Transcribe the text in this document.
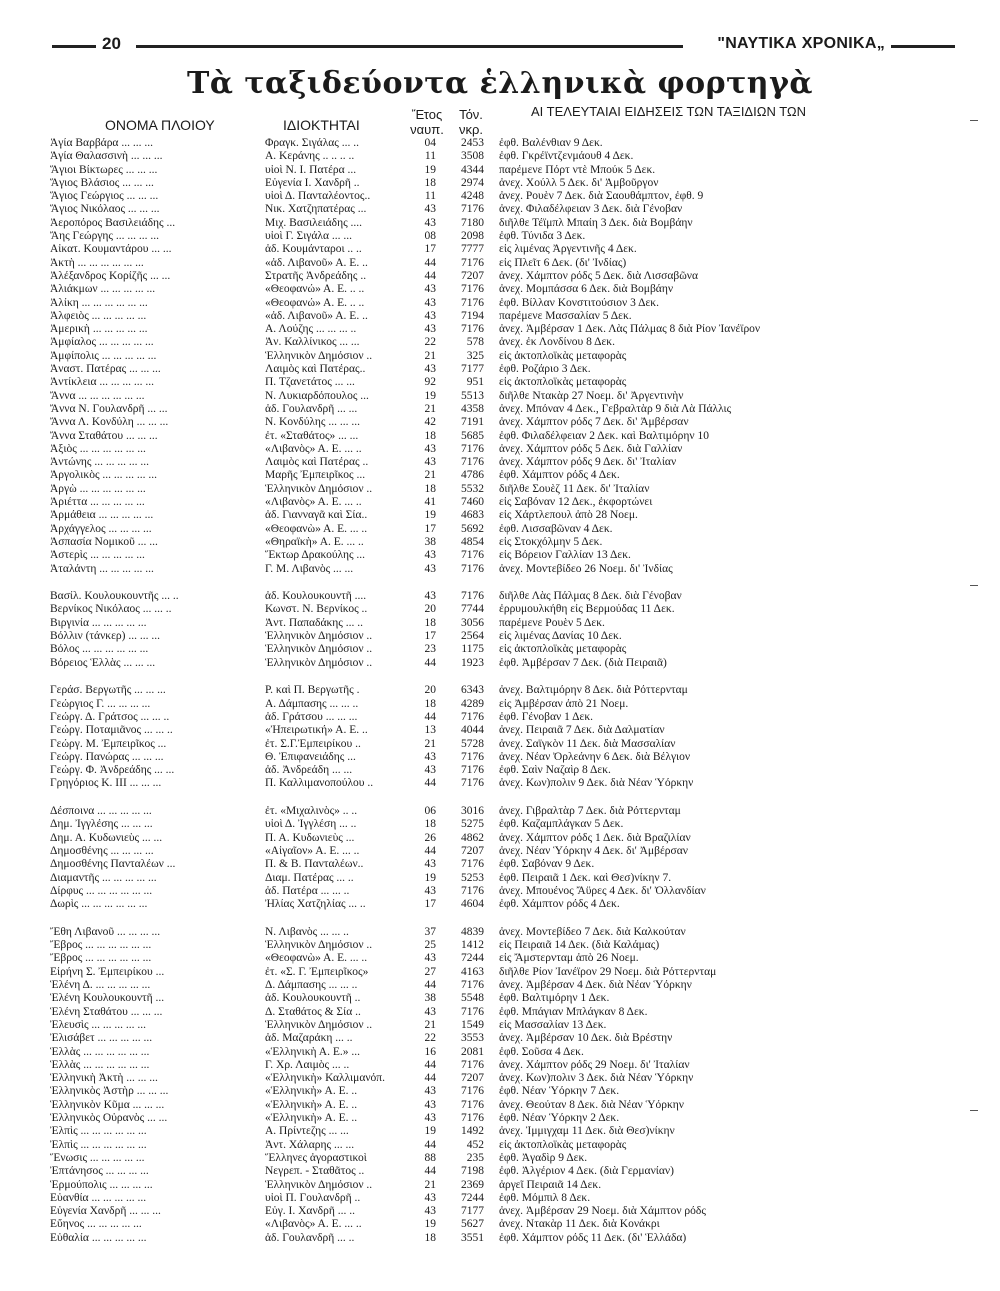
20	"ΝΑΥΤΙΚΑ ΧΡΟΝΙΚΑ„
Τὰ ταξιδεύοντα ἑλληνικὰ φορτηγὰ
ΟΝΟΜΑ ΠΛΟΙΟΥ	ΙΔΙΟΚΤΗΤΑΙ
Ἔτος
ναυπ.
Τόν.
νκρ.
ΑΙ ΤΕΛΕΥΤΑΙΑΙ ΕΙΔΗΣΕΙΣ ΤΩΝ ΤΑΞΙΔΙΩΝ ΤΩΝ
Ἁγία Βαρβάρα ... ... ...	Φραγκ. Σιγάλας ... ..	04	2453 ἐφθ. Βαλένθιαν 9 Δεκ.
Ἁγία Θαλασσινὴ ... ... ...	Α. Κεράνης .. .. .. ..	11	3508 ἐφθ. Γκρέϊντζενμάουθ 4 Δεκ.
Ἅγιοι Βίκτωρες ... ... ...	υἱοὶ Ν. Ι. Πατέρα ...	19	4344 παρέμενε Πόρτ ντὲ Μπούκ 5 Δεκ.
Ἅγιος Βλάσιος ... ... ...	Εὐγενία Ι. Χανδρῆ ..	18	2974 ἀνεχ. Χούλλ 5 Δεκ. δι' Ἀμβοῦργον
Ἅγιος Γεώργιος ... ... ...	υἱοὶ Δ. Πανταλέοντος..	11	4248 ἀνεχ. Ρουὲν 7 Δεκ. διὰ Σαουθάμπτον, ἐφθ. 9
Ἅγιος Νικόλαος ... ... ...	Νικ. Χατζηπατέρας ...	43	7176 ἀνεχ. Φιλαδέλφειαν 3 Δεκ. διὰ Γένοβαν
Ἀεροπόρος Βασιλειάδης ...	Μιχ. Βασιλειάδης ....	43	7180 διῆλθε Τέϊμπλ Μπαίη 3 Δεκ. διὰ Βομβάην
Ἄης Γεώργης ... ... ... ...	υἱοὶ Γ. Σιγάλα ... ...	08	2098 ἐφθ. Τύνιδα 3 Δεκ.
Αἰκατ. Κουμαντάρου ... ...	ἀδ. Κουμάνταροι .. ..	17	7777 εἰς λιμένας Ἀργεντινῆς 4 Δεκ.
Ἀκτὴ ... ... ... ... ... ...	«ἀδ. Λιβανοῦ» Α. Ε. ..	44	7176 εἰς Πλεῖτ 6 Δεκ. (δι' Ἰνδίας)
Ἀλέξανδρος Κορίζῆς ... ...	Στρατῆς Ἀνδρεάδης ..	44	7207 ἀνεχ. Χάμπτον ρόδς 5 Δεκ. διὰ Λισσαβῶνα
Ἀλιάκμων ... ... ... ... ...	«Θεοφανώ» Α. Ε. .. ..	43	7176 ἀνεχ. Μομπάσσα 6 Δεκ. διὰ Βομβάην
Ἀλίκη ... ... ... ... ... ...	«Θεοφανώ» Α. Ε. .. ..	43	7176 ἐφθ. Βίλλαν Κονστιτούσιον 3 Δεκ.
Ἀλφειὸς ... ... ... ... ...	«ἀδ. Λιβανοῦ» Α. Ε. ..	43	7194 παρέμενε Μασσαλίαν 5 Δεκ.
Ἀμερικὴ ... ... ... ... ...	Α. Λούζης ... ... ... ..	43	7176 ἀνεχ. Ἀμβέρσαν 1 Δεκ. Λὰς Πάλμας 8 διὰ Ρίον Ἰανέϊρον
Ἀμφίαλος ... ... ... ... ...	Ἀν. Καλλίνικος ... ...	22	578 ἀνεχ. ἐκ Λονδίνου 8 Δεκ.
Ἀμφίπολις ... ... ... ... ...	Ἑλληνικὸν Δημόσιον ..	21	325 εἰς ἀκτοπλοϊκὰς μεταφορὰς
Ἀναστ. Πατέρας ... ... ...	Λαιμὸς καὶ Πατέρας..	43	7177 ἐφθ. Ροζάριο 3 Δεκ.
Ἀντίκλεια ... ... ... ... ...	Π. Τζανετάτος ... ...	92	951 εἰς ἀκτοπλοϊκὰς μεταφορὰς
Ἄννα ... ... ... ... ... ...	Ν. Λυκιαρδόπουλος ...	19	5513 διῆλθε Ντακὰρ 27 Νοεμ. δι' Ἀργεντινὴν
Ἄννα Ν. Γουλανδρῆ ... ...	ἀδ. Γουλανδρῆ ... ...	21	4358 ἀνεχ. Μπόναν 4 Δεκ., Γεβραλτὰρ 9 διὰ Λὰ Πάλλις
Ἄννα Λ. Κονδύλη ... ... ...	Ν. Κονδύλης ... ... ...	42	7191 ἀνεχ. Χάμπτον ρόδς 7 Δεκ. δι' Ἀμβέρσαν
Ἄννα Σταθάτου ... ... ...	ἐτ. «Σταθάτος» ... ...	18	5685 ἐφθ. Φιλαδέλφειαν 2 Δεκ. καὶ Βαλτιμόρην 10
Ἀξιὸς ... ... ... ... ... ...	«Λιβανὸς» Α. Ε. ... ..	43	7176 ἀνεχ. Χάμπτον ρόδς 5 Δεκ. διὰ Γαλλίαν
Ἀντώνης ... ... ... ... ...	Λαιμὸς καὶ Πατέρας ..	43	7176 ἀνεχ. Χάμπτον ρόδς 9 Δεκ. δι' Ἰταλίαν
Ἀργολικὸς ... ... ... ... ...	Μαρῆς Ἐμπειρῖκος ...	21	4786 ἐφθ. Χάμπτον ρόδς 4 Δεκ.
Ἀργὼ ... ... ... ... ... ...	Ἑλληνικὸν Δημόσιον ..	18	5532 διῆλθε Σουὲζ 11 Δεκ. δι' Ἰταλίαν
Ἀριέττα ... ... ... ... ...	«Λιβανὸς» Α. Ε. ... ..	41	7460 εἰς Σαβόναν 12 Δεκ., ἐκφορτώνει
Ἀρμάθεια ... ... ... ... ...	ἀδ. Γιανναγᾶ καὶ Σία..	19	4683 εἰς Χάρτλεπουλ ἀπὸ 28 Νοεμ.
Ἀρχάγγελος ... ... ... ...	«Θεοφανὼ» Α. Ε. ... ..	17	5692 ἐφθ. Λισσαβῶναν 4 Δεκ.
Ἀσπασία Νομικοῦ ... ...	«Θηραϊκὴ» Α. Ε. ... ..	38	4854 εἰς Στοκχόλμην 5 Δεκ.
Ἀστερὶς ... ... ... ... ...	Ἕκτωρ Δρακούλης ...	43	7176 εἰς Βόρειον Γαλλίαν 13 Δεκ.
Ἀταλάντη ... ... ... ... ...	Γ. Μ. Λιβανὸς ... ...	43	7176 ἀνεχ. Μοντεβίδεο 26 Νοεμ. δι' Ἰνδίας
Βασίλ. Κουλουκουντῆς ... ..	ἀδ. Κουλουκουντῆ ....	43	7176 διῆλθε Λὰς Πάλμας 8 Δεκ. διὰ Γένοβαν
Βερνίκος Νικόλαος ... ... ..	Κωνστ. Ν. Βερνίκος ..	20	7744 ἐρρυμουλκήθη εἰς Βερμούδας 11 Δεκ.
Βιργινία ... ... ... ... ...	Ἀντ. Παπαδάκης ... ..	18	3056 παρέμενε Ρουὲν 5 Δεκ.
Βόλλιν (τάνκερ) ... ... ...	Ἑλληνικὸν Δημόσιον ..	17	2564 εἰς λιμένας Δανίας 10 Δεκ.
Βόλος ... ... ... ... ... ...	Ἑλληνικὸν Δημόσιον ..	23	1175 εἰς ἀκτοπλοϊκὰς μεταφορὰς
Βόρειος Ἑλλὰς ... ... ...	Ἑλληνικὸν Δημόσιον ..	44	1923 ἐφθ. Ἀμβέρσαν 7 Δεκ. (διὰ Πειραιᾶ)
Γεράσ. Βεργωτῆς ... ... ...	Ρ. καὶ Π. Βεργωτῆς .	20	6343 ἀνεχ. Βαλτιμόρην 8 Δεκ. διὰ Ρόττερνταμ
Γεώργιος Γ. ... ... ... ...	Α. Δάμπασης ... ... ..	18	4289 εἰς Ἀμβέρσαν ἀπὸ 21 Νοεμ.
Γεώργ. Δ. Γράτσος ... ... ..	ἀδ. Γράτσου ... ... ...	44	7176 ἐφθ. Γένοβαν 1 Δεκ.
Γεώργ. Ποταμιᾶνος ... ... ..	«Ἠπειρωτική» Α. Ε. ..	13	4044 ἀνεχ. Πειραιᾶ 7 Δεκ. διὰ Δαλματίαν
Γεώργ. Μ. Ἐμπειρῖκος ...	ἐτ. Σ.Γ.Ἐμπειρίκου ..	21	5728 ἀνεχ. Σαϊγκὸν 11 Δεκ. διὰ Μασσαλίαν
Γεώργ. Πανώρας ... ... ...	Θ. Ἐπιφανειάδης ...	43	7176 ἀνεχ. Νέαν Ὀρλεάνην 6 Δεκ. διὰ Βέλγιον
Γεώργ. Φ. Ἀνδρεάδης ... ...	ἀδ. Ἀνδρεάδη ... ...	43	7176 ἐφθ. Σαὶν Ναζαὶρ 8 Δεκ.
Γρηγόριος Κ. ΙΙΙ ... ... ...	Π. Καλλιμανοπούλου ..	44	7176 ἀνεχ. Κων)πολιν 9 Δεκ. διὰ Νέαν Ὑόρκην
Δέσποινα ... ... ... ... ...	ἐτ. «Μιχαλινὸς» .. ..	06	3016 ἀνεχ. Γιβραλτὰρ 7 Δεκ. διὰ Ρόττερνταμ
Δημ. Ἰγγλέσης ... ... ...	υἱοὶ Δ. Ἰγγλέση ... ..	18	5275 ἐφθ. Καζαμπλάγκαν 5 Δεκ.
Δημ. Α. Κυδωνιεὺς ... ...	Π. Α. Κυδωνιεὺς ...	26	4862 ἀνεχ. Χάμπτον ρόδς 1 Δεκ. διὰ Βραζιλίαν
Δημοσθένης ... ... ... ...	«Αἰγαῖον» Α. Ε. ... ..	44	7207 ἀνεχ. Νέαν Ὑόρκην 4 Δεκ. δι' Ἀμβέρσαν
Δημοσθένης Πανταλέων ...	Π. & Β. Πανταλέων..	43	7176 ἐφθ. Σαβόναν 9 Δεκ.
Διαμαντῆς ... ... ... ... ...	Διαμ. Πατέρας ... ..	19	5253 ἐφθ. Πειραιᾶ 1 Δεκ. καὶ Θεσ)νίκην 7.
Δίρφυς ... ... ... ... ... ...	ἀδ. Πατέρα ... ... ..	43	7176 ἀνεχ. Μπουένος Ἄϋρες 4 Δεκ. δι' Ὀλλανδίαν
Δωρὶς ... ... ... ... ... ...	Ἠλίας Χατζηλίας ... ..	17	4604 ἐφθ. Χάμπτον ρόδς 4 Δεκ.
Ἔθη Λιβανοῦ ... ... ... ...	Ν. Λιβανὸς ... ... ..	37	4839 ἀνεχ. Μοντεβίδεο 7 Δεκ. διὰ Καλκούταν
Ἔβρος ... ... ... ... ... ...	Ἑλληνικὸν Δημόσιον ..	25	1412 εἰς Πειραιᾶ 14 Δεκ. (διὰ Καλάμας)
Ἔβρος ... ... ... ... ... ...	«Θεοφανὼ» Α. Ε. ... ..	43	7244 εἰς Ἄμστερνταμ ἀπὸ 26 Νοεμ.
Εἰρήνη Σ. Ἐμπειρίκου ...	ἐτ. «Σ. Γ. Ἐμπειρῖκος»	27	4163 διῆλθε Ρίον Ἰανέϊρον 29 Νοεμ. διὰ Ρόττερνταμ
Ἑλένη Δ. ... ... ... ... ...	Δ. Δάμπασης ... ... ..	44	7176 ἀνεχ. Ἀμβέρσαν 4 Δεκ. διὰ Νέαν Ὑόρκην
Ἑλένη Κουλουκουντῆ ...	ἀδ. Κουλουκουντῆ ..	38	5548 ἐφθ. Βαλτιμόρην 1 Δεκ.
Ἑλένη Σταθάτου ... ... ...	Δ. Σταθάτος & Σία ..	43	7176 ἐφθ. Μπάγιαν Μπλάγκαν 8 Δεκ.
Ἐλευσὶς ... ... ... ... ...	Ἑλληνικὸν Δημόσιον ..	21	1549 εἰς Μασσαλίαν 13 Δεκ.
Ἐλισάβετ ... ... ... ... ...	ἀδ. Μαζαράκη ... ..	22	3553 ἀνεχ. Ἀμβέρσαν 10 Δεκ. διὰ Βρέστην
Ἑλλὰς ... ... ... ... ... ...	«Ἑλληνικὴ Α. Ε.» ...	16	2081 ἐφθ. Σοῦσα 4 Δεκ.
Ἑλλὰς ... ... ... ... ... ...	Γ. Χρ. Λαιμὸς ... ..	44	7176 ἀνεχ. Χάμπτον ρόδς 29 Νοεμ. δι' Ἰταλίαν
Ἑλληνικὴ Ἀκτὴ ... ... ...	«Ἑλληνικὴ» Καλλιμανόπ.	44	7207 ἀνεχ. Κων)πολιν 3 Δεκ. διὰ Νέαν Ὑόρκην
Ἑλληνικὸς Ἀστὴρ ... ... ...	«Ἑλληνικὴ» Α. Ε. ..	43	7176 ἐφθ. Νέαν Ὑόρκην 7 Δεκ.
Ἑλληνικὸν Κῦμα ... ... ...	«Ἑλληνικὴ» Α. Ε. ..	43	7176 ἀνεχ. Θεούταν 8 Δεκ. διὰ Νέαν Ὑόρκην
Ἑλληνικὸς Οὐρανὸς ... ...	«Ἑλληνικὴ» Α. Ε. ..	43	7176 ἐφθ. Νέαν Ὑόρκην 2 Δεκ.
Ἐλπὶς ... ... ... ... ... ...	Α. Πρίντεζης ... ...	19	1492 ἀνεχ. Ἰμμιγχαμ 11 Δεκ. διὰ Θεσ)νίκην
Ἐλπὶς ... ... ... ... ... ...	Ἀντ. Χάλαρης ... ...	44	452 εἰς ἀκτοπλοϊκὰς μεταφορὰς
Ἕνωσις ... ... ... ... ...	Ἕλληνες ἀγοραστικοὶ	88	235 ἐφθ. Ἀγαδὶρ 9 Δεκ.
Ἐπτάνησος ... ... ... ...	Νεγρεπ. - Σταθᾶτος ..	44	7198 ἐφθ. Ἀλγέριον 4 Δεκ. (διὰ Γερμανίαν)
Ἑρμούπολις ... ... ... ...	Ἑλληνικὸν Δημόσιον ..	21	2369 ἀργεῖ Πειραιᾶ 14 Δεκ.
Εὐανθία ... ... ... ... ...	υἱοὶ Π. Γουλανδρῆ ..	43	7244 ἐφθ. Μόμπιλ 8 Δεκ.
Εὐγενία Χανδρῆ ... ... ...	Εὐγ. Ι. Χανδρῆ ... ..	43	7177 ἀνεχ. Ἀμβέρσαν 29 Νοεμ. διὰ Χάμπτον ρόδς
Εὔηνος ... ... ... ... ...	«Λιβανὸς» Α. Ε. ... ..	19	5627 ἀνεχ. Ντακὰρ 11 Δεκ. διὰ Κονάκρι
Εὐθαλία ... ... ... ... ...	ἀδ. Γουλανδρῆ ... ..	18	3551 ἐφθ. Χάμπτον ρόδς 11 Δεκ. (δι' Ἑλλάδα)
